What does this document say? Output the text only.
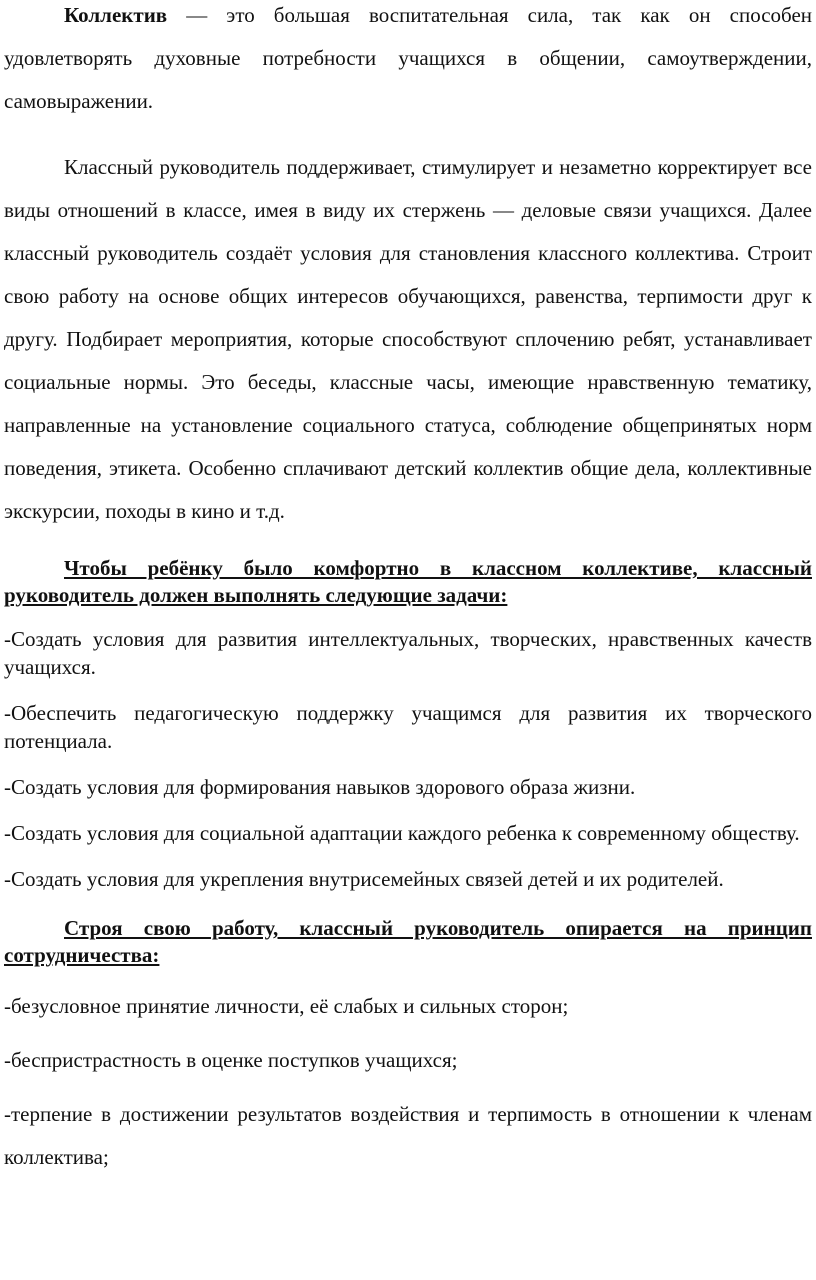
Коллектив — это большая воспитательная сила, так как он способен удовлетворять духовные потребности учащихся в общении, самоутверждении, самовыражении.

Классный руководитель поддерживает, стимулирует и незаметно корректирует все виды отношений в классе, имея в виду их стержень — деловые связи учащихся. Далее классный руководитель создаёт условия для становления классного коллектива. Строит свою работу на основе общих интересов обучающихся, равенства, терпимости друг к другу. Подбирает мероприятия, которые способствуют сплочению ребят, устанавливает социальные нормы. Это беседы, классные часы, имеющие нравственную тематику, направленные на установление социального статуса, соблюдение общепринятых норм поведения, этикета. Особенно сплачивают детский коллектив общие дела, коллективные экскурсии, походы в кино и т.д.

Чтобы ребёнку было комфортно в классном коллективе, классный руководитель должен выполнять следующие задачи:

-Создать условия для развития интеллектуальных, творческих, нравственных качеств учащихся.

-Обеспечить педагогическую поддержку учащимся для развития их творческого потенциала.

-Создать условия для формирования навыков здорового образа жизни.

-Создать условия для социальной адаптации каждого ребенка к современному обществу.

-Создать условия для укрепления внутрисемейных связей детей и их родителей.

Строя свою работу, классный руководитель опирается на принцип сотрудничества:

-безусловное принятие личности, её слабых и сильных сторон;

-беспристрастность в оценке поступков учащихся;

-терпение в достижении результатов воздействия и терпимость в отношении к членам коллектива;
